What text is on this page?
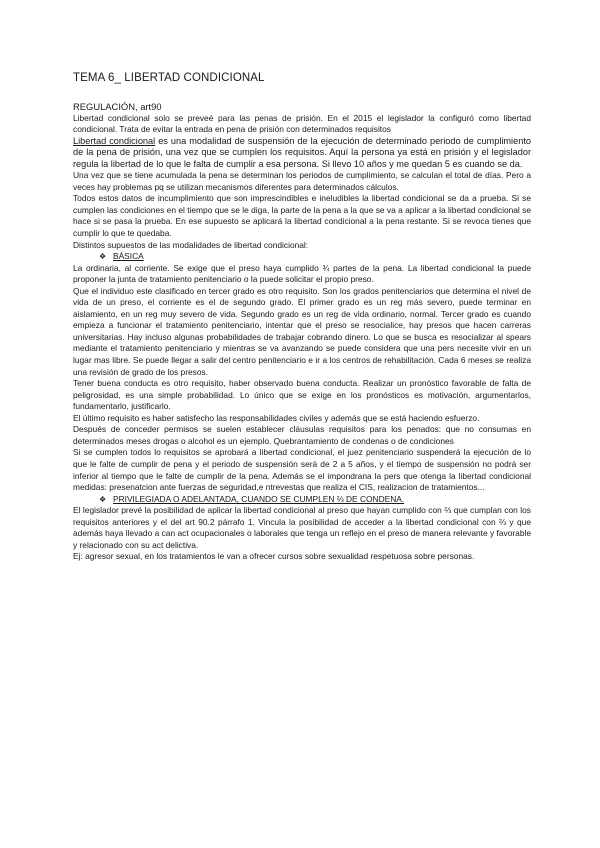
TEMA 6_ LIBERTAD CONDICIONAL

REGULACIÓN, art90

Libertad condicional solo se preveé para las penas de prisión. En el 2015 el legislador la configuró como libertad condicional. Trata de evitar la entrada en pena de prisión con determinados requisitos

Libertad condicional es una modalidad de suspensión de la ejecución de determinado periodo de cumplimiento de la pena de prisión, una vez que se cumplen los requisitos. Aquí la persona ya está en prisión y el legislador regula la libertad de lo que le falta de cumplir a esa persona. Si llevo 10 años y me quedan 5 es cuando se da.

Una vez que se tiene acumulada la pena se determinan los periodos de cumplimiento, se calculan el total de días. Pero a veces hay problemas pq se utilizan mecanismos diferentes para determinados cálculos.

Todos estos datos de incumplimiento que son imprescindibles e ineludibles la libertad condicional se da a prueba. Si se cumplen las condiciones en el tiempo que se le diga, la parte de la pena a la que se va a aplicar a la libertad condicional se hace si se pasa la prueba. En ese supuesto se aplicará la libertad condicional a la pena restante. Si se revoca tienes que cumplir lo que te quedaba.

Distintos supuestos de las modalidades de libertad condicional:

❖ BÁSICA

La ordinaria, al corriente. Se exige que el preso haya cumplido ¾ partes de la pena. La libertad condicional la puede proponer la junta de tratamiento penitenciario o la puede solicitar el propio preso.

Que el individuo este clasificado en tercer grado es otro requisito. Son los grados penitenciarios que determina el nivel de vida de un preso, el corriente es el de segundo grado. El primer grado es un reg más severo, puede terminar en aislamiento, en un reg muy severo de vida. Segundo grado es un reg de vida ordinario, normal. Tercer grado es cuando empieza a funcionar el tratamiento penitenciario, intentar que el preso se resocialice, hay presos que hacen carreras universitarias. Hay incluso algunas probabilidades de trabajar cobrando dinero. Lo que se busca es resocializar al spears mediante el tratamiento penitenciario y mientras se va avanzando se puede considera que una pers necesite vivir en un lugar mas libre. Se puede llegar a salir del centro penitenciario e ir a los centros de rehabilitación. Cada 6 meses se realiza una revisión de grado de los presos.

Tener buena conducta es otro requisito, haber observado buena conducta. Realizar un pronóstico favorable de falta de peligrosidad, es una simple probabilidad. Lo único que se exige en los pronósticos es motivación, argumentarlos, fundamentarlo, justificarlo.

El último requisito es haber satisfecho las responsabilidades civiles y además que se está haciendo esfuerzo.

Después de conceder permisos se suelen establecer cláusulas requisitos para los penados: que no consumas en determinados meses drogas o alcohol es un ejemplo. Quebrantamiento de condenas o de condiciones

Si se cumplen todos lo requisitos se aprobará a libertad condicional, el juez penitenciario suspenderá la ejecución de lo que le falte de cumplir de pena y el periodo de suspensión será de 2 a 5 años, y el tiempo de suspensión no podrá ser inferior al tiempo que le falte de cumplir de la pena. Además se el impondrana la pers que otenga la libertad condicional medidas: presenatcion ante fuerzas de seguridad,e ntrevestas que realiza el CIS, realizacion de tratamientos...

❖ PRIVILEGIADA O ADELANTADA, CUANDO SE CUMPLEN ⅔ DE CONDENA.

El legislador prevé la posibilidad de aplicar la libertad condicional al preso que hayan cumplido con ⅔ que cumplan con los requisitos anteriores y el del art 90.2 párrafo 1. Vincula la posibilidad de acceder a la libertad condicional con ⅔ y que además haya llevado a can act ocupacionales o laborales que tenga un reflejo en el preso de manera relevante y favorable y relacionado con su act delictiva.

Ej: agresor sexual, en los tratamientos le van a ofrecer cursos sobre sexualidad respetuosa sobre personas.
